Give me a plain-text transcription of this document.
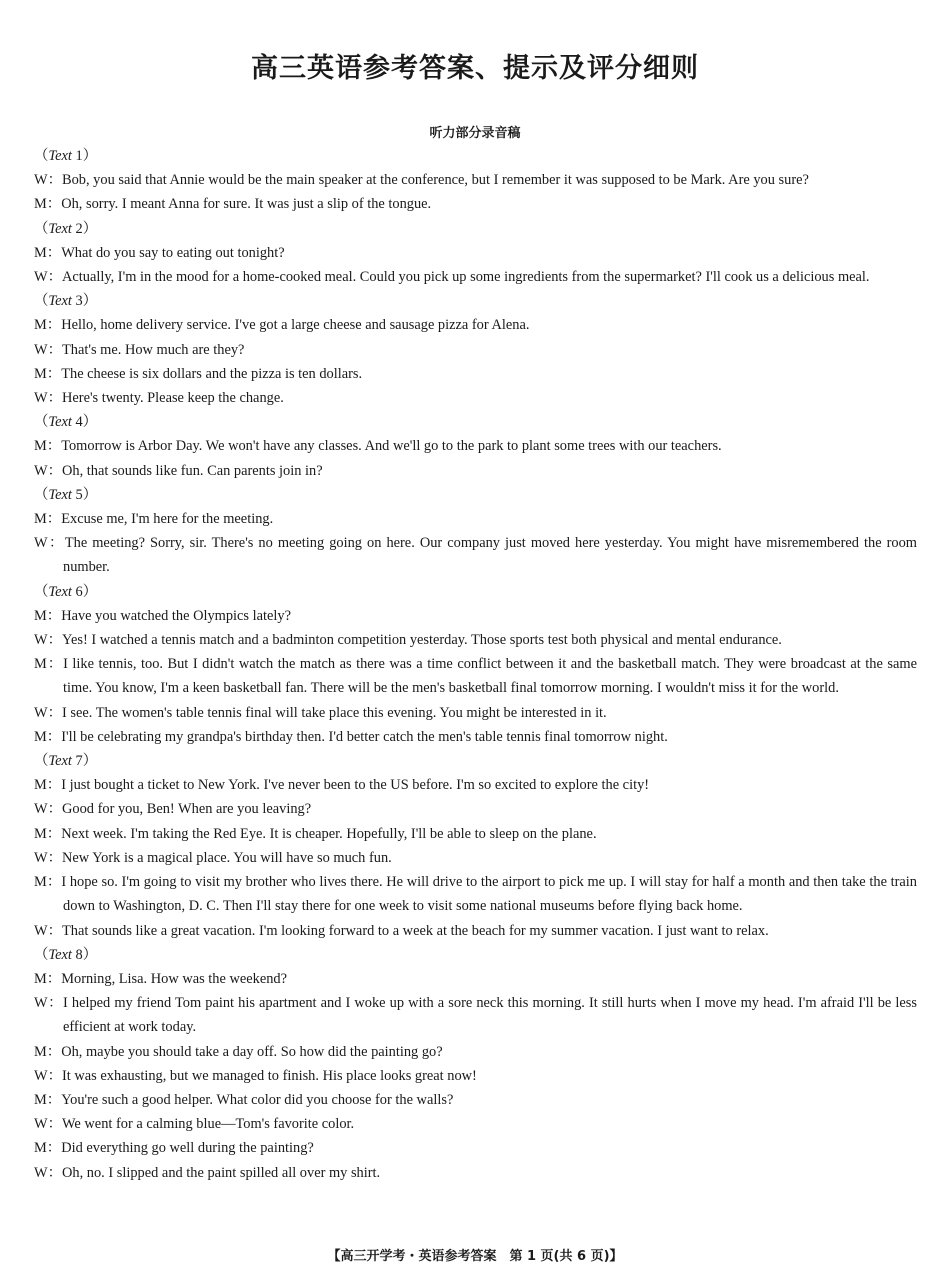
高三英语参考答案、提示及评分细则
听力部分录音稿
（Text 1）
W：Bob, you said that Annie would be the main speaker at the conference, but I remember it was supposed to be Mark. Are you sure?
M：Oh, sorry. I meant Anna for sure. It was just a slip of the tongue.
（Text 2）
M：What do you say to eating out tonight?
W：Actually, I'm in the mood for a home-cooked meal. Could you pick up some ingredients from the supermarket? I'll cook us a delicious meal.
（Text 3）
M：Hello, home delivery service. I've got a large cheese and sausage pizza for Alena.
W：That's me. How much are they?
M：The cheese is six dollars and the pizza is ten dollars.
W：Here's twenty. Please keep the change.
（Text 4）
M：Tomorrow is Arbor Day. We won't have any classes. And we'll go to the park to plant some trees with our teachers.
W：Oh, that sounds like fun. Can parents join in?
（Text 5）
M：Excuse me, I'm here for the meeting.
W：The meeting? Sorry, sir. There's no meeting going on here. Our company just moved here yesterday. You might have misremembered the room number.
（Text 6）
M：Have you watched the Olympics lately?
W：Yes! I watched a tennis match and a badminton competition yesterday. Those sports test both physical and mental endurance.
M：I like tennis, too. But I didn't watch the match as there was a time conflict between it and the basketball match. They were broadcast at the same time. You know, I'm a keen basketball fan. There will be the men's basketball final tomorrow morning. I wouldn't miss it for the world.
W：I see. The women's table tennis final will take place this evening. You might be interested in it.
M：I'll be celebrating my grandpa's birthday then. I'd better catch the men's table tennis final tomorrow night.
（Text 7）
M：I just bought a ticket to New York. I've never been to the US before. I'm so excited to explore the city!
W：Good for you, Ben! When are you leaving?
M：Next week. I'm taking the Red Eye. It is cheaper. Hopefully, I'll be able to sleep on the plane.
W：New York is a magical place. You will have so much fun.
M：I hope so. I'm going to visit my brother who lives there. He will drive to the airport to pick me up. I will stay for half a month and then take the train down to Washington, D. C. Then I'll stay there for one week to visit some national museums before flying back home.
W：That sounds like a great vacation. I'm looking forward to a week at the beach for my summer vacation. I just want to relax.
（Text 8）
M：Morning, Lisa. How was the weekend?
W：I helped my friend Tom paint his apartment and I woke up with a sore neck this morning. It still hurts when I move my head. I'm afraid I'll be less efficient at work today.
M：Oh, maybe you should take a day off. So how did the painting go?
W：It was exhausting, but we managed to finish. His place looks great now!
M：You're such a good helper. What color did you choose for the walls?
W：We went for a calming blue—Tom's favorite color.
M：Did everything go well during the painting?
W：Oh, no. I slipped and the paint spilled all over my shirt.
【高三开学考・英语参考答案　第 1 页(共 6 页)】
